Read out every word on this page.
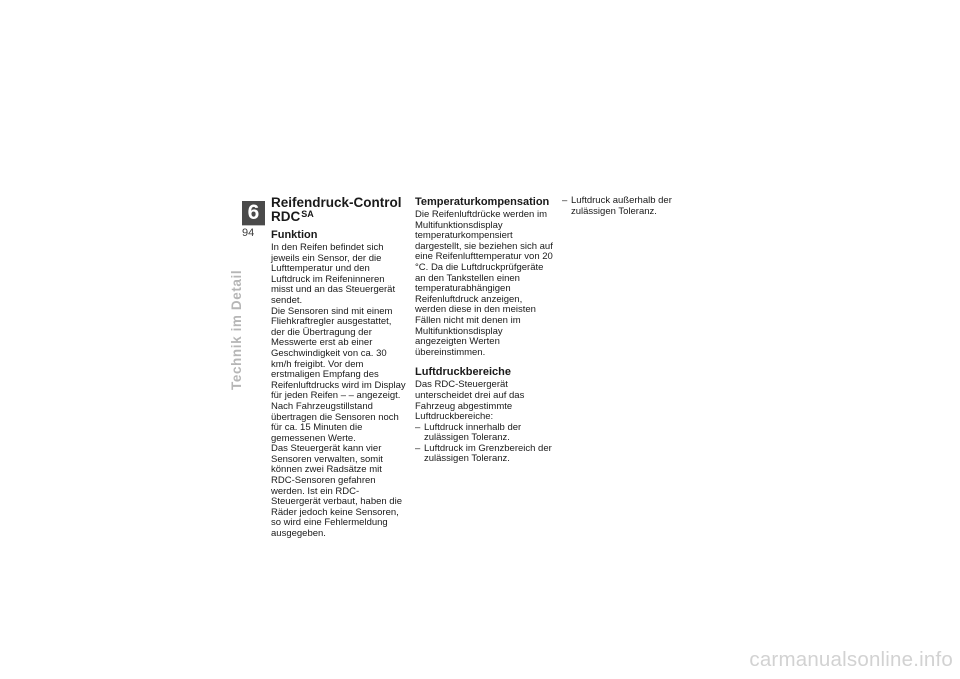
6
94
Technik im Detail
Reifendruck-Control $RDC^{SA}$
Funktion

In den Reifen befindet sich jeweils ein Sensor, der die Lufttemperatur und den Luftdruck im Reifeninneren misst und an das Steuergerät sendet.

Die Sensoren sind mit einem Fliehkraftregler ausgestattet, der die Übertragung der Messwerte erst ab einer Geschwindigkeit von ca. 30 km/h freigibt. Vor dem erstmaligen Empfang des Reifenluftdrucks wird im Display für jeden Reifen – – angezeigt. Nach Fahrzeugstillstand übertragen die Sensoren noch für ca. 15 Minuten die gemessenen Werte.

Das Steuergerät kann vier Sensoren verwalten, somit können zwei Radsätze mit RDC-Sensoren gefahren werden. Ist ein RDC-Steuergerät verbaut, haben die Räder jedoch keine Sensoren, so wird eine Fehlermeldung ausgegeben.

Temperaturkompensation

Die Reifenluftdrücke werden im Multifunktionsdisplay temperaturkompensiert dargestellt, sie beziehen sich auf eine Reifenlufttemperatur von 20 °C. Da die Luftdruckprüfgeräte an den Tankstellen einen temperaturabhängigen Reifenluftdruck anzeigen, werden diese in den meisten Fällen nicht mit denen im Multifunktionsdisplay angezeigten Werten übereinstimmen.

Luftdruckbereiche

Das RDC-Steuergerät unterscheidet drei auf das Fahrzeug abgestimmte Luftdruckbereiche:

– Luftdruck innerhalb der zulässigen Toleranz.
– Luftdruck im Grenzbereich der zulässigen Toleranz.
– Luftdruck außerhalb der zulässigen Toleranz.
carmanualsonline.info
